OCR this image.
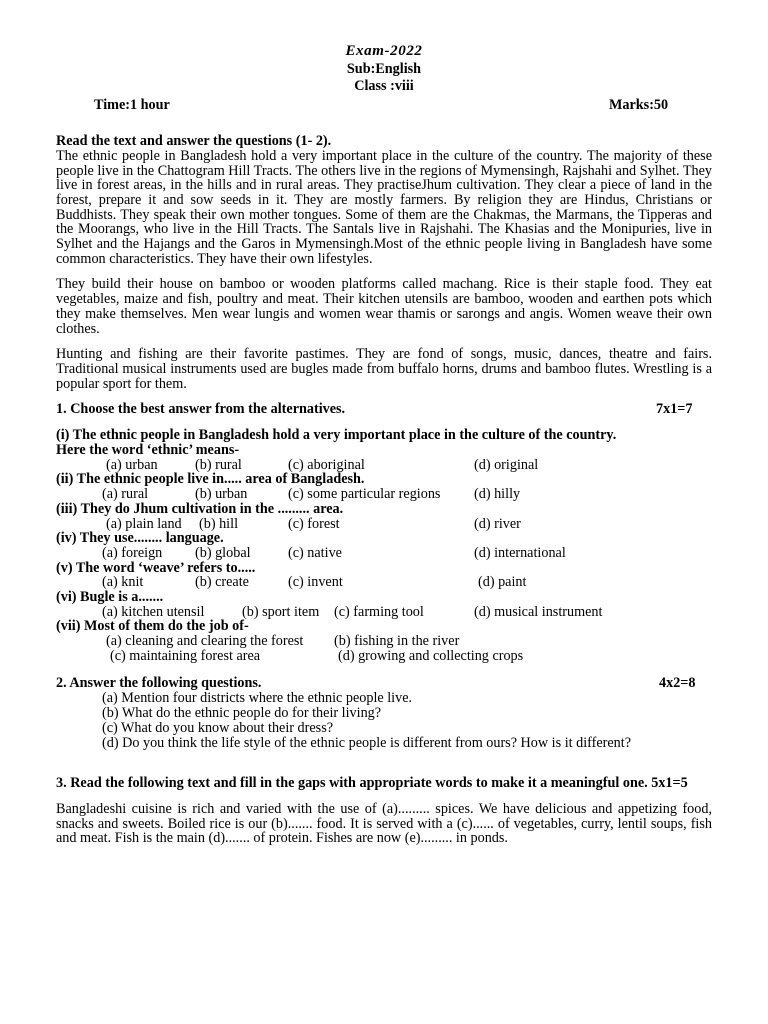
Exam-2022
Sub:English
Class :viii
Time:1 hour	Marks:50
Read the text and answer the questions (1- 2).

The ethnic people in Bangladesh hold a very important place in the culture of the country. The majority of these people live in the Chattogram Hill Tracts. The others live in the regions of Mymensingh, Rajshahi and Sylhet. They live in forest areas, in the hills and in rural areas. They practiseJhum cultivation. They clear a piece of land in the forest, prepare it and sow seeds in it. They are mostly farmers. By religion they are Hindus, Christians or Buddhists. They speak their own mother tongues. Some of them are the Chakmas, the Marmans, the Tipperas and the Moorangs, who live in the Hill Tracts. The Santals live in Rajshahi. The Khasias and the Monipuries, live in Sylhet and the Hajangs and the Garos in Mymensingh.Most of the ethnic people living in Bangladesh have some common characteristics. They have their own lifestyles.

They build their house on bamboo or wooden platforms called machang. Rice is their staple food. They eat vegetables, maize and fish, poultry and meat. Their kitchen utensils are bamboo, wooden and earthen pots which they make themselves. Men wear lungis and women wear thamis or sarongs and angis. Women weave their own clothes.

Hunting and fishing are their favorite pastimes. They are fond of songs, music, dances, theatre and fairs. Traditional musical instruments used are bugles made from buffalo horns, drums and bamboo flutes. Wrestling is a popular sport for them.

1. Choose the best answer from the alternatives.	7x1=7
(i) The ethnic people in Bangladesh hold a very important place in the culture of the country.
Here the word ‘ethnic’ means-
(a) urban	(b) rural	(c) aboriginal	(d) original
(ii) The ethnic people live in..... area of Bangladesh.
(a) rural	(b) urban	(c) some particular regions (d) hilly
(iii) They do Jhum cultivation in the ......... area.
(a) plain land (b) hill	(c) forest	(d) river
(iv) They use........ language.
(a) foreign (b) global	(c) native	(d) international
(v) The word ‘weave’ refers to.....
(a) knit	(b) create	(c) invent	(d) paint
(vi) Bugle is a.......
(a) kitchen utensil	(b) sport item (c) farming tool	(d) musical instrument
(vii) Most of them do the job of-
(a) cleaning and clearing the forest (b) fishing in the river
(c) maintaining forest area	(d) growing and collecting crops
2. Answer the following questions.	4x2=8
(a) Mention four districts where the ethnic people live.
(b) What do the ethnic people do for their living?
(c) What do you know about their dress?
(d) Do you think the life style of the ethnic people is different from ours? How is it different?
3. Read the following text and fill in the gaps with appropriate words to make it a meaningful one. 5x1=5

Bangladeshi cuisine is rich and varied with the use of (a)......... spices. We have delicious and appetizing food, snacks and sweets. Boiled rice is our (b)....... food. It is served with a (c)...... of vegetables, curry, lentil soups, fish and meat. Fish is the main (d)....... of protein. Fishes are now (e)......... in ponds.
